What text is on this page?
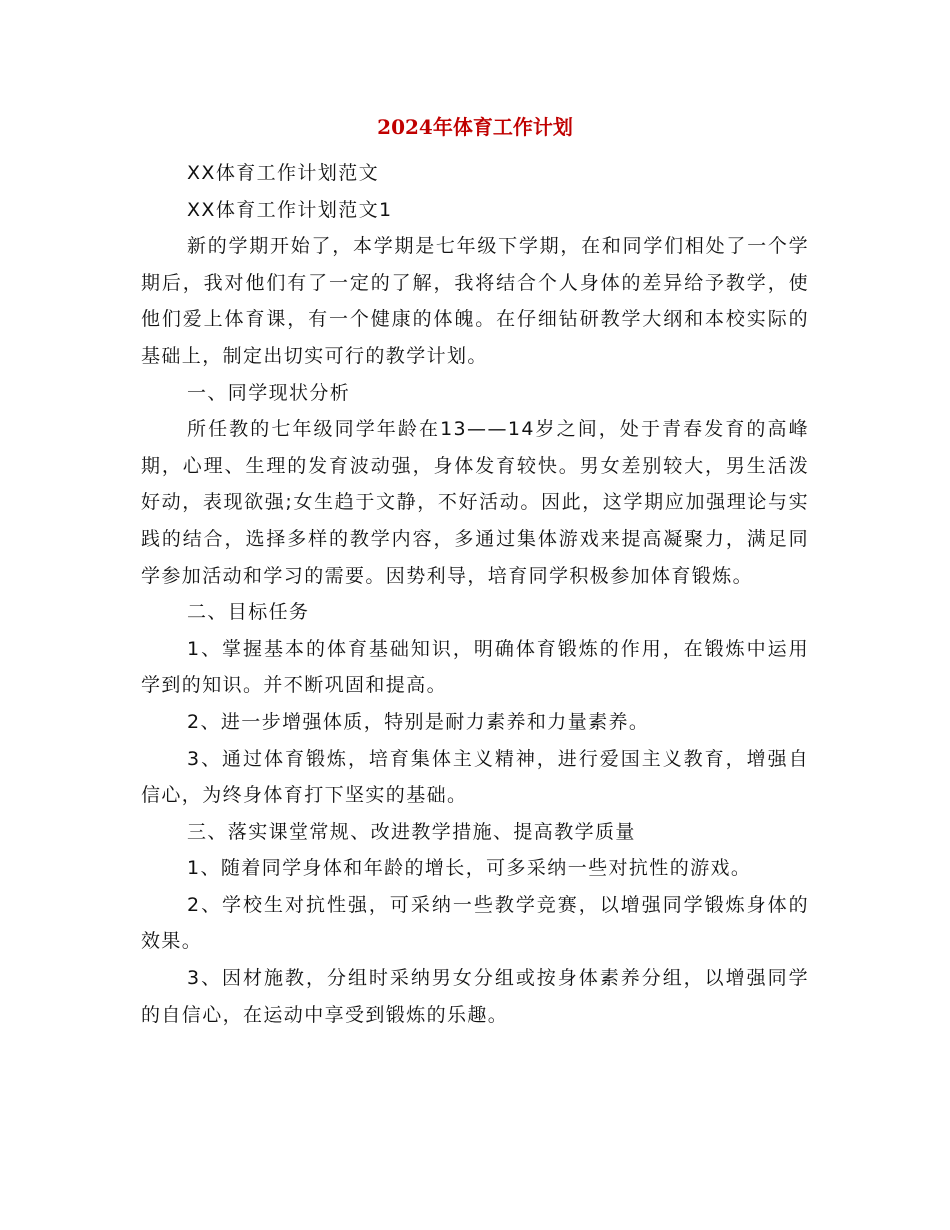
2024年体育工作计划

XX体育工作计划范文

XX体育工作计划范文1

新的学期开始了，本学期是七年级下学期，在和同学们相处了一个学期后，我对他们有了一定的了解，我将结合个人身体的差异给予教学，使他们爱上体育课，有一个健康的体魄。在仔细钻研教学大纲和本校实际的基础上，制定出切实可行的教学计划。

一、同学现状分析

所任教的七年级同学年龄在13——14岁之间，处于青春发育的高峰期，心理、生理的发育波动强，身体发育较快。男女差别较大，男生活泼好动，表现欲强;女生趋于文静，不好活动。因此，这学期应加强理论与实践的结合，选择多样的教学内容，多通过集体游戏来提高凝聚力，满足同学参加活动和学习的需要。因势利导，培育同学积极参加体育锻炼。

二、目标任务

1、掌握基本的体育基础知识，明确体育锻炼的作用，在锻炼中运用学到的知识。并不断巩固和提高。

2、进一步增强体质，特别是耐力素养和力量素养。

3、通过体育锻炼，培育集体主义精神，进行爱国主义教育，增强自信心，为终身体育打下坚实的基础。

三、落实课堂常规、改进教学措施、提高教学质量

1、随着同学身体和年龄的增长，可多采纳一些对抗性的游戏。

2、学校生对抗性强，可采纳一些教学竞赛，以增强同学锻炼身体的效果。

3、因材施教，分组时采纳男女分组或按身体素养分组，以增强同学的自信心，在运动中享受到锻炼的乐趣。
